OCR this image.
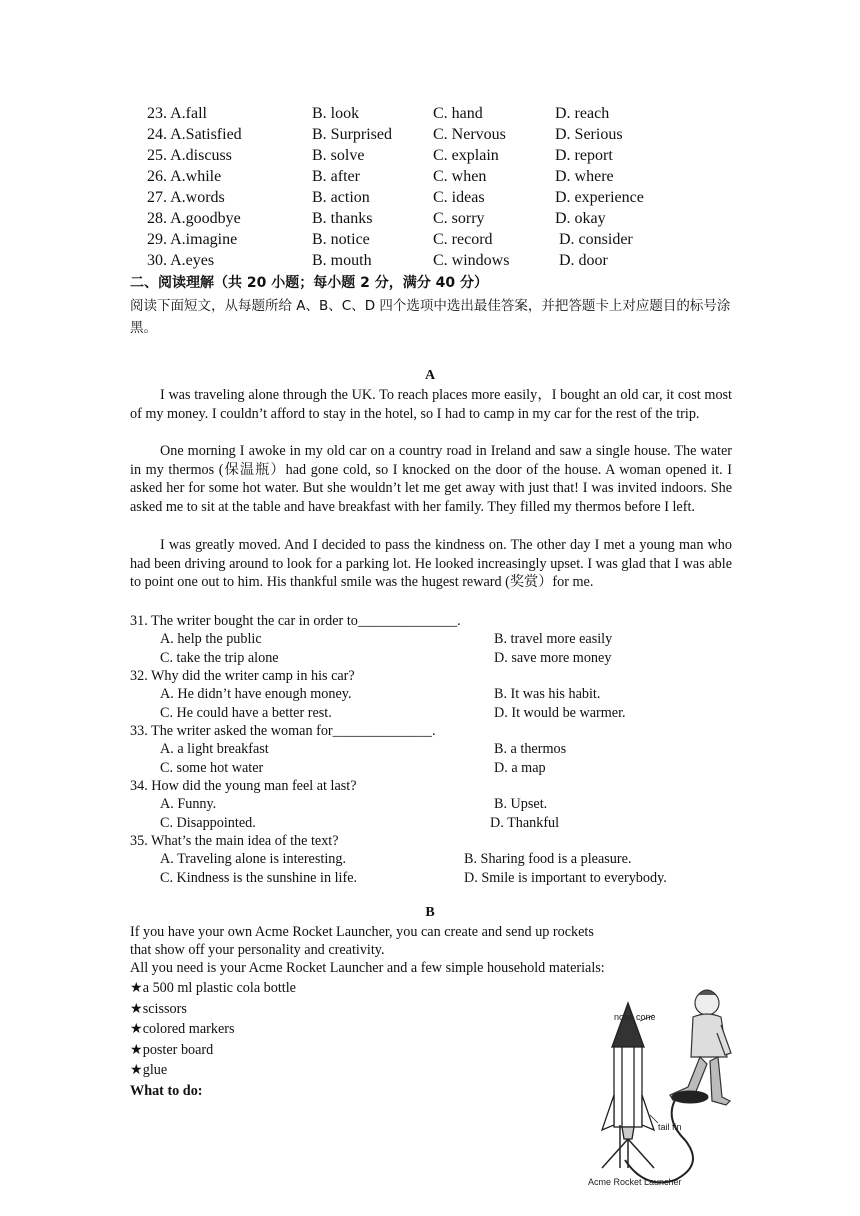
23. A.fall	B. look	C. hand	D. reach
24. A.Satisfied	B. Surprised	C. Nervous	D. Serious
25. A.discuss	B. solve	C. explain	D. report
26. A.while	B. after	C. when	D. where
27. A.words	B. action	C. ideas	D. experience
28. A.goodbye	B. thanks	C. sorry	D. okay
29. A.imagine	B. notice	C. record	D. consider
30. A.eyes	B. mouth	C. windows	D. door
二、阅读理解（共 20 小题；每小题 2 分，满分 40 分）
阅读下面短文，从每题所给 A、B、C、D 四个选项中选出最佳答案，并把答题卡上对应题目的标号涂黑。
A
I was traveling alone through the UK. To reach places more easily，I bought an old car, it cost most of my money. I couldn’t afford to stay in the hotel, so I had to camp in my car for the rest of the trip.
One morning I awoke in my old car on a country road in Ireland and saw a single house. The water in my thermos (保温瓶）had gone cold, so I knocked on the door of the house. A woman opened it. I asked her for some hot water. But she wouldn’t let me get away with just that! I was invited indoors. She asked me to sit at the table and have breakfast with her family. They filled my thermos before I left.
I was greatly moved. And I decided to pass the kindness on. The other day I met a young man who had been driving around to look for a parking lot. He looked increasingly upset. I was glad that I was able to point one out to him. His thankful smile was the hugest reward (奖赏）for me.
31. The writer bought the car in order to______________.
A. help the public	B. travel more easily
C. take the trip alone	D. save more money
32. Why did the writer camp in his car?
A. He didn’t have enough money.	B. It was his habit.
C. He could have a better rest.	D. It would be warmer.
33. The writer asked the woman for______________.
A. a light breakfast	B. a thermos
C. some hot water	D. a map
34. How did the young man feel at last?
A. Funny.	B. Upset.
C. Disappointed.	D. Thankful
35. What’s the main idea of the text?
A. Traveling alone is interesting.	B. Sharing food is a pleasure.
C. Kindness is the sunshine in life.	D. Smile is important to everybody.
B
If you have your own Acme Rocket Launcher, you can create and send up rockets
that show off your personality and creativity.
All you need is your Acme Rocket Launcher and a few simple household materials:
★a 500 ml plastic cola bottle
★scissors
★colored markers
★poster board
★glue
What to do:
nose cone
tail fin
Acme Rocket Launcher
